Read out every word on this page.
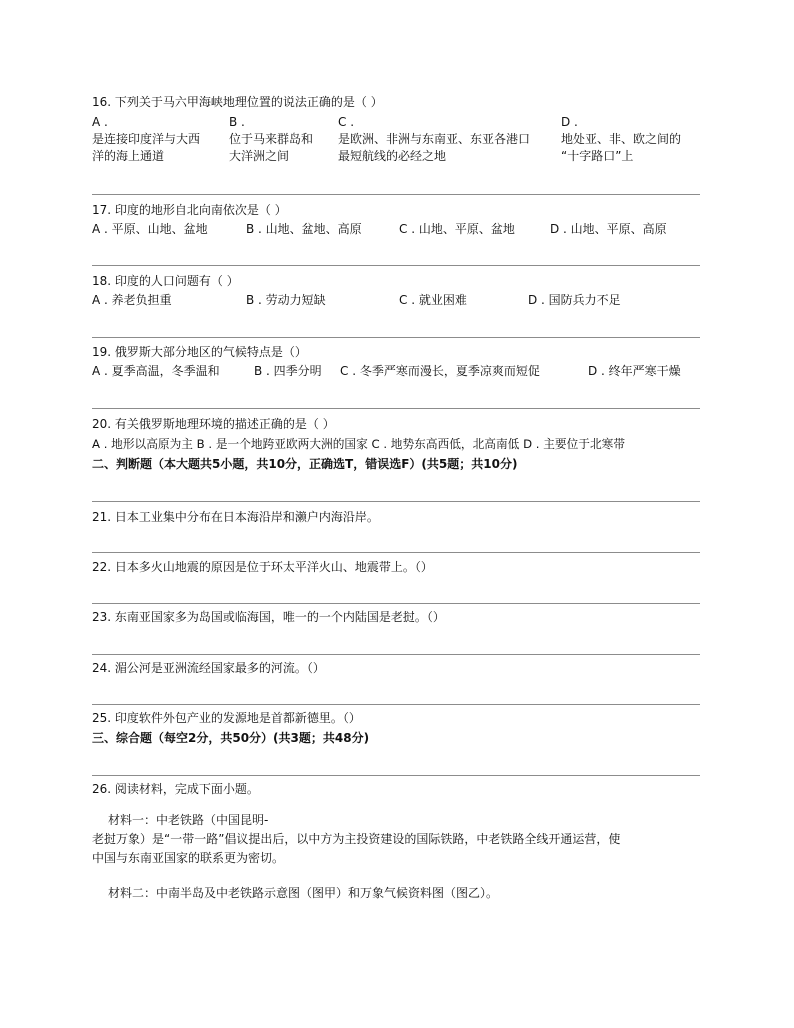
16. 下列关于马六甲海峡地理位置的说法正确的是（ ）
A .
是连接印度洋与大西
洋的海上通道
B .
位于马来群岛和
大洋洲之间
C .
是欧洲、非洲与东南亚、东亚各港口
最短航线的必经之地
D .
地处亚、非、欧之间的
“十字路口”上
17. 印度的地形自北向南依次是（ ）
A . 平原、山地、盆地	B . 山地、盆地、高原	C . 山地、平原、盆地	D . 山地、平原、高原
18. 印度的人口问题有（ ）
A . 养老负担重	B . 劳动力短缺	C . 就业困难	D . 国防兵力不足
19. 俄罗斯大部分地区的气候特点是（）
A . 夏季高温，冬季温和	B . 四季分明 C . 冬季严寒而漫长，夏季凉爽而短促	D . 终年严寒干燥
20. 有关俄罗斯地理环境的描述正确的是（ ）
A . 地形以高原为主 B . 是一个地跨亚欧两大洲的国家 C . 地势东高西低，北高南低 D . 主要位于北寒带
二、判断题（本大题共5小题，共10分，正确选T，错误选F）(共5题；共10分)
21. 日本工业集中分布在日本海沿岸和濑户内海沿岸。
22. 日本多火山地震的原因是位于环太平洋火山、地震带上。（）
23. 东南亚国家多为岛国或临海国，唯一的一个内陆国是老挝。（）
24. 湄公河是亚洲流经国家最多的河流。（）
25. 印度软件外包产业的发源地是首都新德里。（）
三、综合题（每空2分，共50分）(共3题；共48分)
26. 阅读材料，完成下面小题。
材料一：中老铁路（中国昆明-
老挝万象）是“一带一路”倡议提出后，以中方为主投资建设的国际铁路，中老铁路全线开通运营，使
中国与东南亚国家的联系更为密切。
材料二：中南半岛及中老铁路示意图（图甲）和万象气候资料图（图乙）。
